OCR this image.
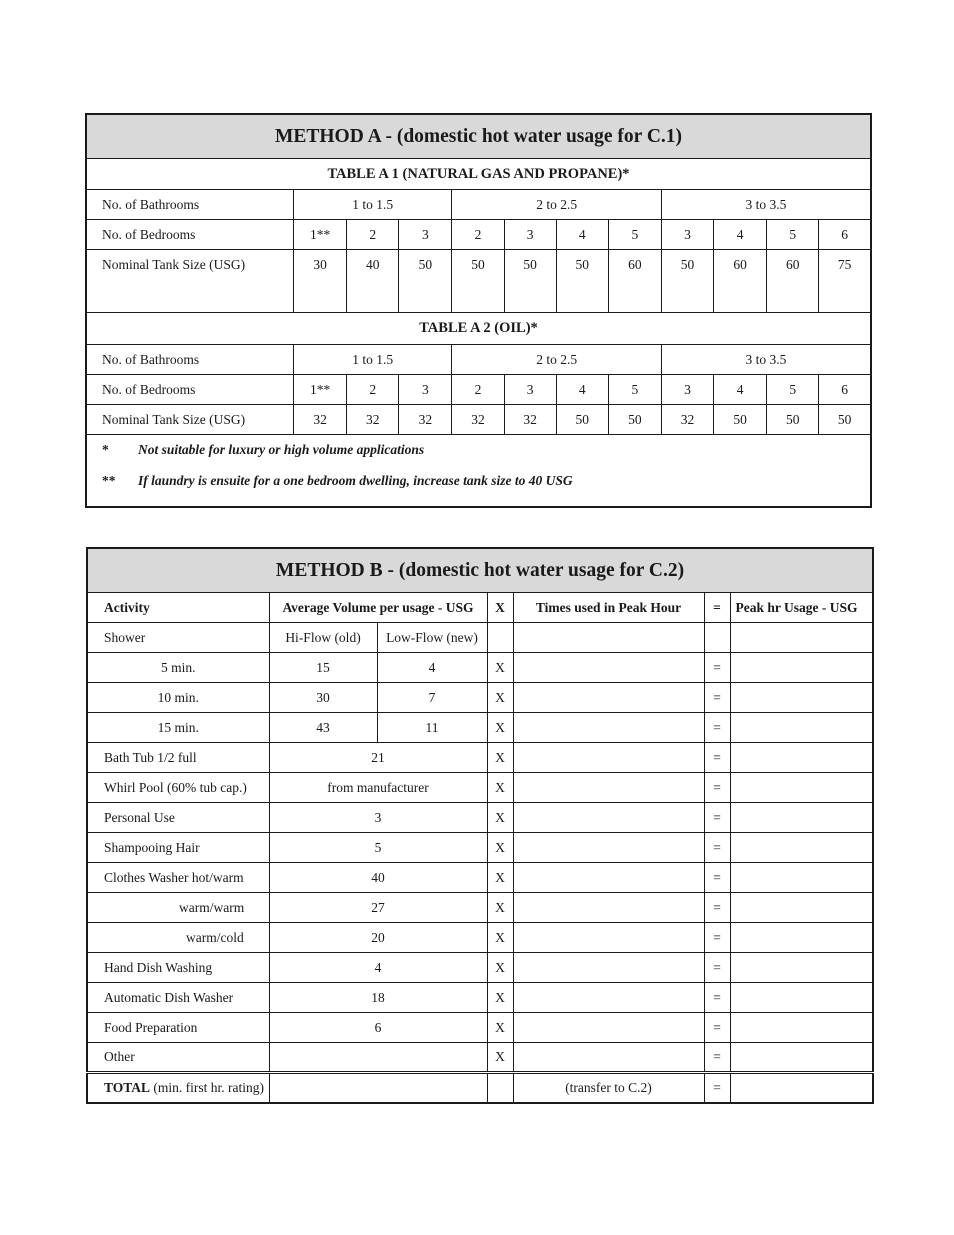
METHOD A - (domestic hot water usage for C.1)											
TABLE A 1 (NATURAL GAS AND PROPANE)*											
No. of Bathrooms	1 to 1.5			2 to 2.5				3 to 3.5			
No. of Bedrooms	1**	2	3	2	3	4	5	3	4	5	6
Nominal Tank Size (USG)	30	40	50	50	50	50	60	50	60	60	75
TABLE A 2 (OIL)*											
No. of Bathrooms	1 to 1.5			2 to 2.5				3 to 3.5			
No. of Bedrooms	1**	2	3	2	3	4	5	3	4	5	6
Nominal Tank Size (USG)	32	32	32	32	32	50	50	32	50	50	50

* Not suitable for luxury or high volume applications
** If laundry is ensuite for a one bedroom dwelling, increase tank size to 40 USG											
METHOD B - (domestic hot water usage for C.2)						
Activity	Average Volume per usage - USG		X	Times used in Peak Hour	=	Peak hr Usage - USG
Shower	Hi-Flow (old)	Low-Flow (new)				
5 min.	15	4	X		=	
10 min.	30	7	X		=	
15 min.	43	11	X		=	
Bath Tub 1/2 full	21		X		=	
Whirl Pool (60% tub cap.)	from manufacturer		X		=	
Personal Use	3		X		=	
Shampooing Hair	5		X		=	
Clothes Washer hot/warm	40		X		=	
warm/warm	27		X		=	
warm/cold	20		X		=	
Hand Dish Washing	4		X		=	
Automatic Dish Washer	18		X		=	
Food Preparation	6		X		=	
Other			X		=	
TOTAL (min. first hr. rating)				(transfer to C.2)	=	
